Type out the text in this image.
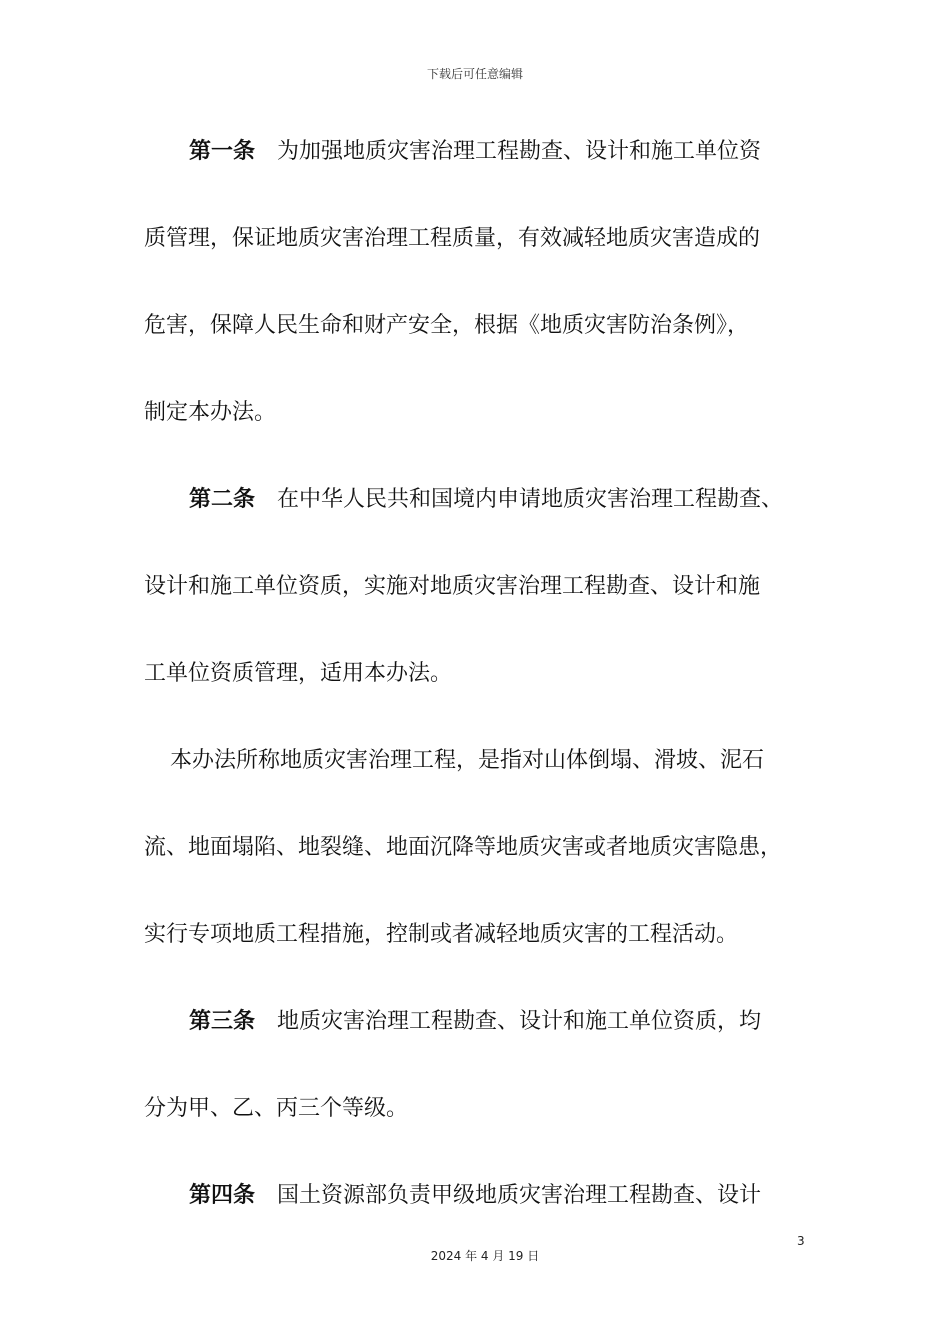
下载后可任意编辑
第一条 为加强地质灾害治理工程勘查、设计和施工单位资
质管理，保证地质灾害治理工程质量，有效减轻地质灾害造成的
危害，保障人民生命和财产安全，根据《地质灾害防治条例》，
制定本办法。
第二条 在中华人民共和国境内申请地质灾害治理工程勘查、
设计和施工单位资质，实施对地质灾害治理工程勘查、设计和施
工单位资质管理，适用本办法。
本办法所称地质灾害治理工程，是指对山体倒塌、滑坡、泥石
流、地面塌陷、地裂缝、地面沉降等地质灾害或者地质灾害隐患，
实行专项地质工程措施，控制或者减轻地质灾害的工程活动。
第三条 地质灾害治理工程勘查、设计和施工单位资质，均
分为甲、乙、丙三个等级。
第四条 国土资源部负责甲级地质灾害治理工程勘查、设计
3
2024 年 4 月 19 日
